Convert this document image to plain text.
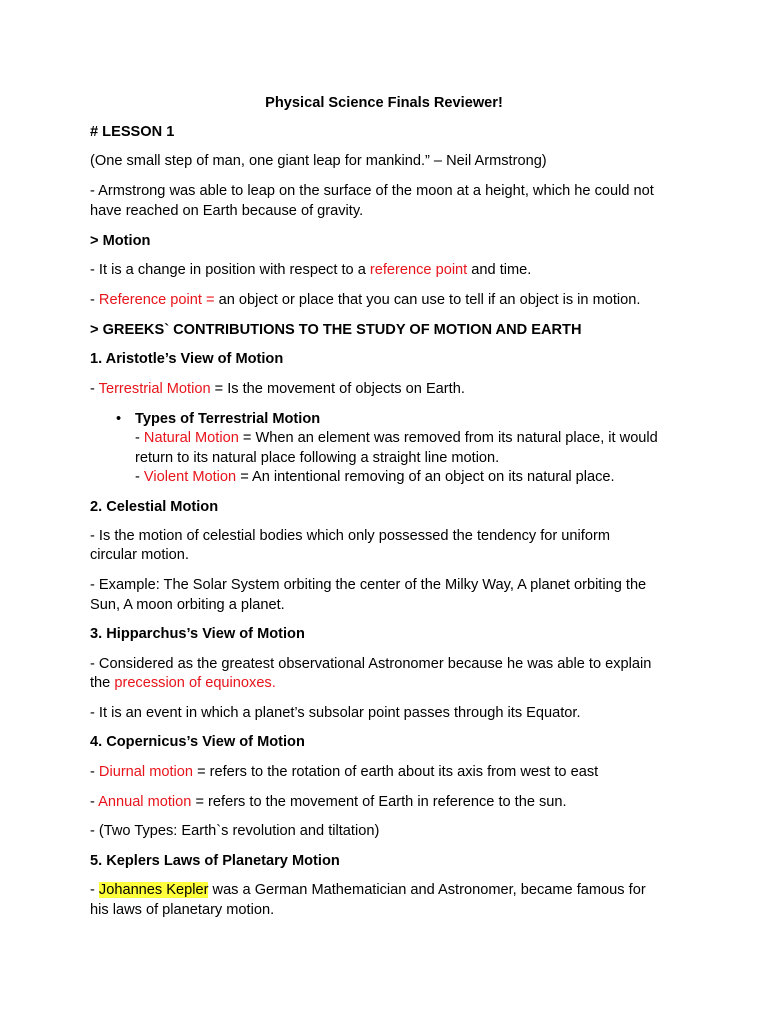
Physical Science Finals Reviewer!
# LESSON 1
(One small step of man, one giant leap for mankind.” – Neil Armstrong)
- Armstrong was able to leap on the surface of the moon at a height, which he could not
have reached on Earth because of gravity.
> Motion
- It is a change in position with respect to a reference point and time.
- Reference point = an object or place that you can use to tell if an object is in motion.
> GREEKS` CONTRIBUTIONS TO THE STUDY OF MOTION AND EARTH
1. Aristotle’s View of Motion
- Terrestrial Motion = Is the movement of objects on Earth.
• Types of Terrestrial Motion
- Natural Motion = When an element was removed from its natural place, it would
return to its natural place following a straight line motion.
- Violent Motion = An intentional removing of an object on its natural place.
2. Celestial Motion
- Is the motion of celestial bodies which only possessed the tendency for uniform
circular motion.
- Example: The Solar System orbiting the center of the Milky Way, A planet orbiting the
Sun, A moon orbiting a planet.
3. Hipparchus’s View of Motion
- Considered as the greatest observational Astronomer because he was able to explain
the precession of equinoxes.
- It is an event in which a planet’s subsolar point passes through its Equator.
4. Copernicus’s View of Motion
- Diurnal motion = refers to the rotation of earth about its axis from west to east
- Annual motion = refers to the movement of Earth in reference to the sun.
- (Two Types: Earth`s revolution and tiltation)
5. Keplers Laws of Planetary Motion
- Johannes Kepler was a German Mathematician and Astronomer, became famous for
his laws of planetary motion.
